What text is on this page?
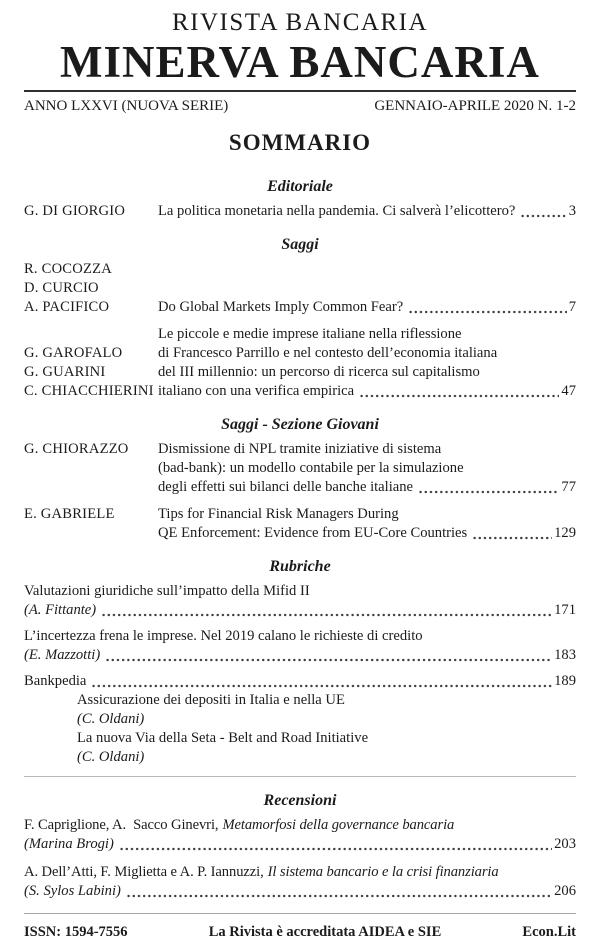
RIVISTA BANCARIA
MINERVA BANCARIA
ANNO LXXVI (NUOVA SERIE)	GENNAIO-APRILE 2020 N. 1-2
SOMMARIO
Editoriale
G. DI GIORGIO	La politica monetaria nella pandemia. Ci salverà l’elicottero?	3
Saggi
R. COCOZZA
D. CURCIO
A. PACIFICO	Do Global Markets Imply Common Fear?	7
Le piccole e medie imprese italiane nella riflessione
G. GAROFALO	di Francesco Parrillo e nel contesto dell’economia italiana
G. GUARINI	del III millennio: un percorso di ricerca sul capitalismo
C. CHIACCHIERINI italiano con una verifica empirica	47
Saggi - Sezione Giovani
G. CHIORAZZO	Dismissione di NPL tramite iniziative di sistema
(bad-bank): un modello contabile per la simulazione
degli effetti sui bilanci delle banche italiane	77
E. GABRIELE	Tips for Financial Risk Managers During
QE Enforcement: Evidence from EU-Core Countries	129
Rubriche
Valutazioni giuridiche sull’impatto della Mifid II
(A. Fittante)	171
L’incertezza frena le imprese. Nel 2019 calano le richieste di credito
(E. Mazzotti)	183
Bankpedia	189
Assicurazione dei depositi in Italia e nella UE
(C. Oldani)
La nuova Via della Seta - Belt and Road Initiative
(C. Oldani)
Recensioni
F. Capriglione, A.  Sacco Ginevri, Metamorfosi della governance bancaria
(Marina Brogi)	203
A. Dell’Atti, F. Miglietta e A. P. Iannuzzi, Il sistema bancario e la crisi finanziaria
(S. Sylos Labini)	206
ISSN: 1594-7556	La Rivista è accreditata AIDEA e SIE	Econ.Lit
